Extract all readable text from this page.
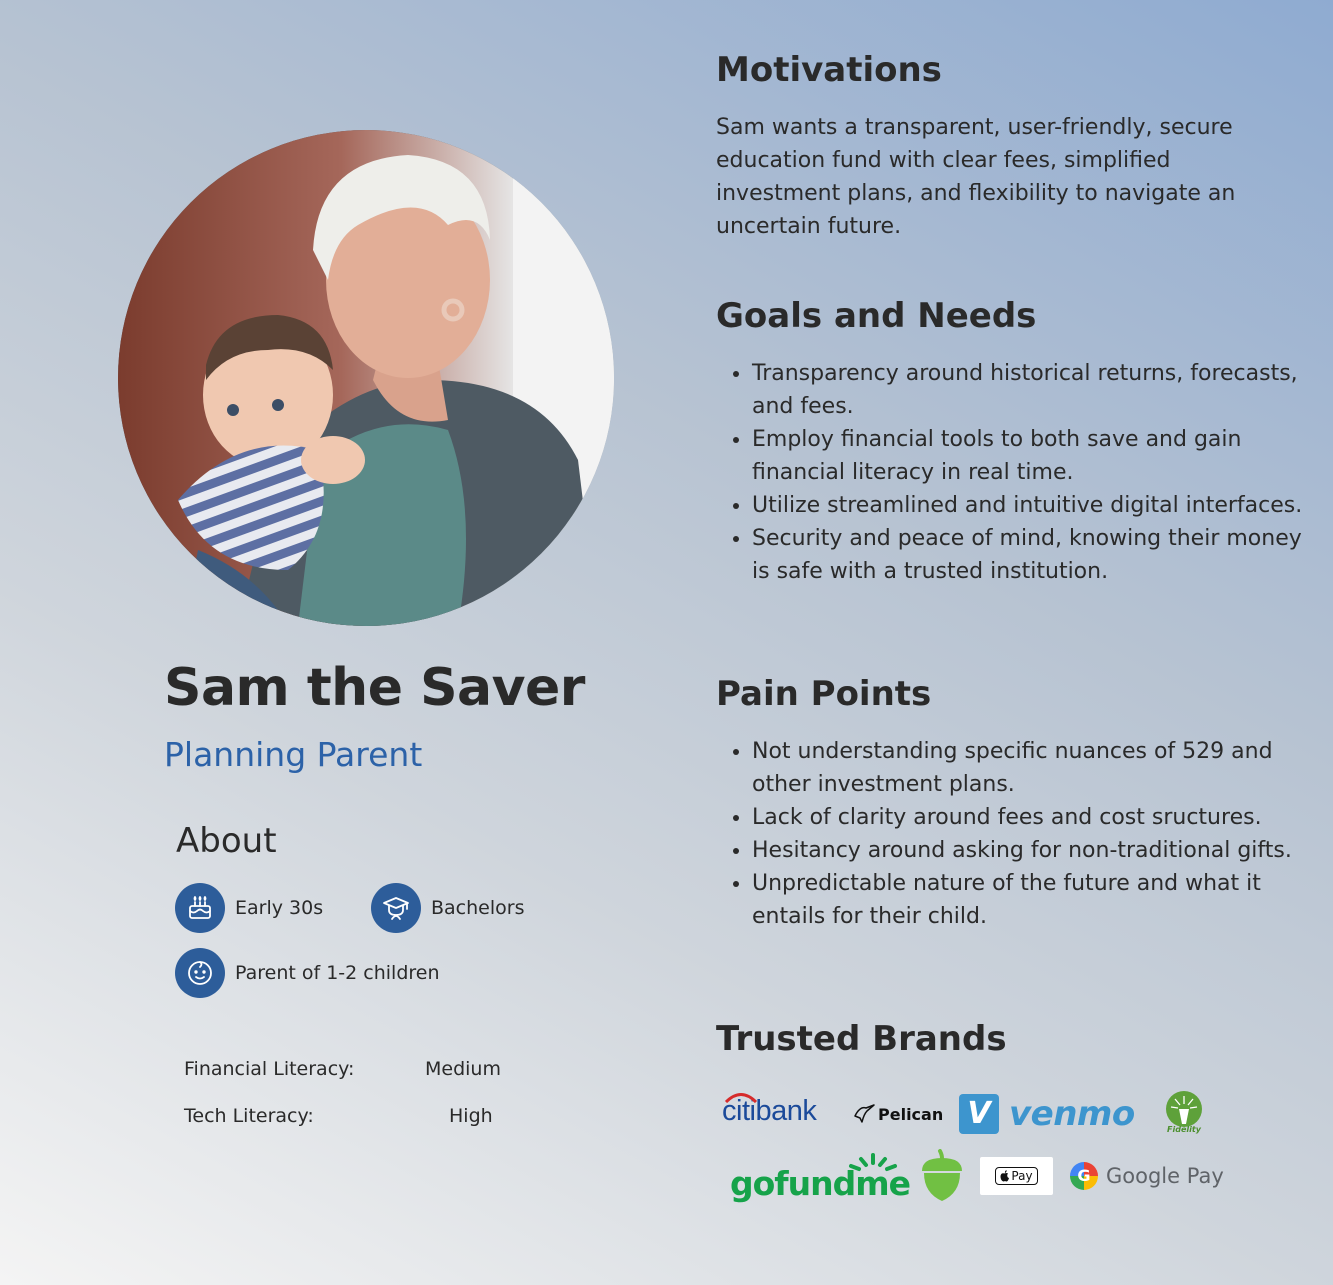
Sam the Saver
Planning Parent
About
Early 30s	Bachelors
Parent of 1-2 children
Financial Literacy:	Medium
Tech Literacy:	High
Motivations
Sam wants a transparent, user-friendly, secure education fund with clear fees, simplified investment plans, and flexibility to navigate an uncertain future.
Goals and Needs
• Transparency around historical returns, forecasts, and fees.
• Employ financial tools to both save and gain financial literacy in real time.
• Utilize streamlined and intuitive digital interfaces.
• Security and peace of mind, knowing their money is safe with a trusted institution.
Pain Points
• Not understanding specific nuances of 529 and other investment plans.
• Lack of clarity around fees and cost sructures.
• Hesitancy around asking for non-traditional gifts.
• Unpredictable nature of the future and what it entails for their child.
Trusted Brands
citibank	Pelican V venmo	Fidelity
gofundme	Pay	G Google Pay
